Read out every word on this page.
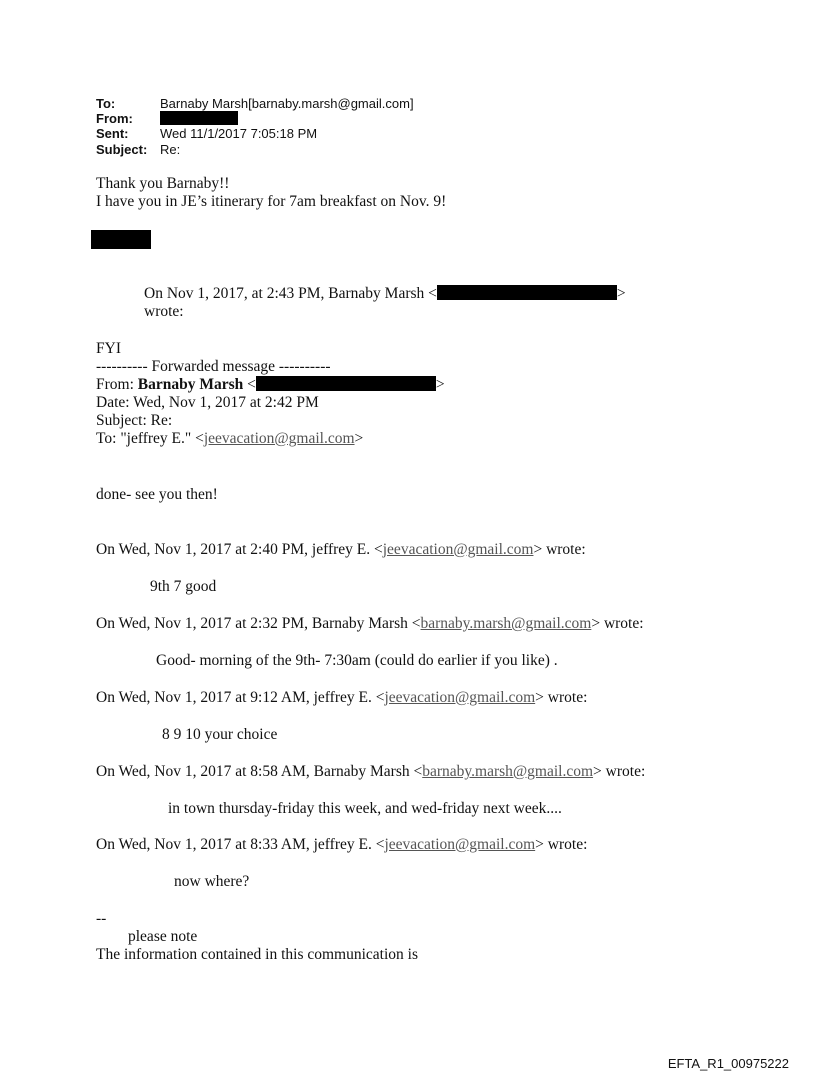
To:	Barnaby Marsh[barnaby.marsh@gmail.com]
From:
Sent: Wed 11/1/2017 7:05:18 PM
Subject: Re:
Thank you Barnaby!!
I have you in JE’s itinerary for 7am breakfast on Nov. 9!
On Nov 1, 2017, at 2:43 PM, Barnaby Marsh <	>
wrote:
FYI
---------- Forwarded message ----------
From: Barnaby Marsh <	>
Date: Wed, Nov 1, 2017 at 2:42 PM
Subject: Re:
To: "jeffrey E." <jeevacation@gmail.com>
done- see you then!
On Wed, Nov 1, 2017 at 2:40 PM, jeffrey E. <jeevacation@gmail.com> wrote:
9th 7 good
On Wed, Nov 1, 2017 at 2:32 PM, Barnaby Marsh <barnaby.marsh@gmail.com> wrote:
Good- morning of the 9th- 7:30am (could do earlier if you like) .
On Wed, Nov 1, 2017 at 9:12 AM, jeffrey E. <jeevacation@gmail.com> wrote:
8 9 10 your choice
On Wed, Nov 1, 2017 at 8:58 AM, Barnaby Marsh <barnaby.marsh@gmail.com> wrote:
in town thursday-friday this week, and wed-friday next week....
On Wed, Nov 1, 2017 at 8:33 AM, jeffrey E. <jeevacation@gmail.com> wrote:
now where?
--
please note
The information contained in this communication is
EFTA_R1_00975222
